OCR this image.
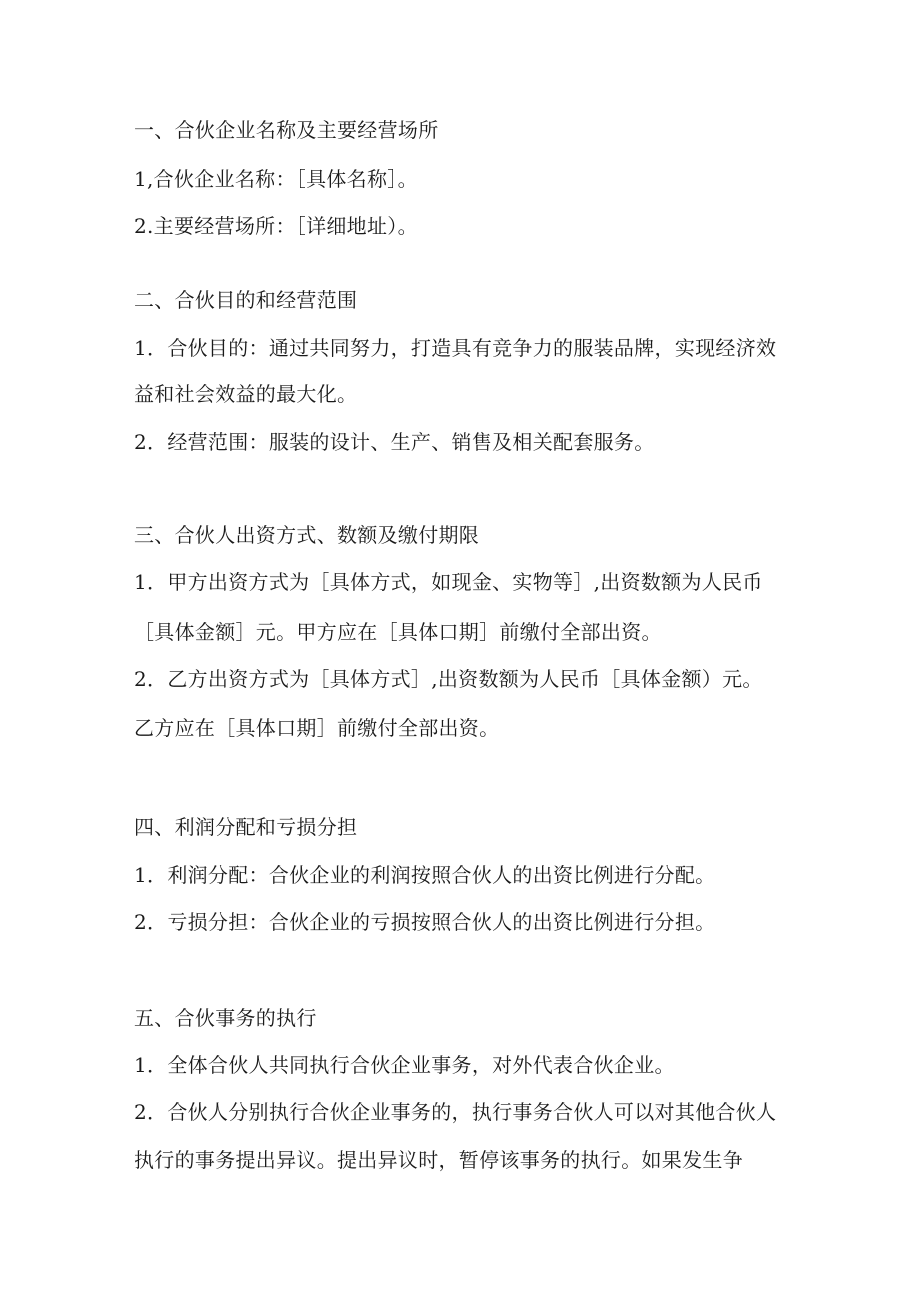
一、合伙企业名称及主要经营场所

1,合伙企业名称：［具体名称］。

2.主要经营场所：［详细地址）。

二、合伙目的和经营范围

1．合伙目的：通过共同努力，打造具有竞争力的服装品牌，实现经济效

益和社会效益的最大化。

2．经营范围：服装的设计、生产、销售及相关配套服务。

三、合伙人出资方式、数额及缴付期限

1．甲方出资方式为［具体方式，如现金、实物等］,出资数额为人民币

［具体金额］元。甲方应在［具体口期］前缴付全部出资。

2．乙方出资方式为［具体方式］,出资数额为人民币［具体金额）元。

乙方应在［具体口期］前缴付全部出资。

四、利润分配和亏损分担

1．利润分配：合伙企业的利润按照合伙人的出资比例进行分配。

2．亏损分担：合伙企业的亏损按照合伙人的出资比例进行分担。

五、合伙事务的执行

1．全体合伙人共同执行合伙企业事务，对外代表合伙企业。

2．合伙人分别执行合伙企业事务的，执行事务合伙人可以对其他合伙人

执行的事务提出异议。提出异议时，暂停该事务的执行。如果发生争
